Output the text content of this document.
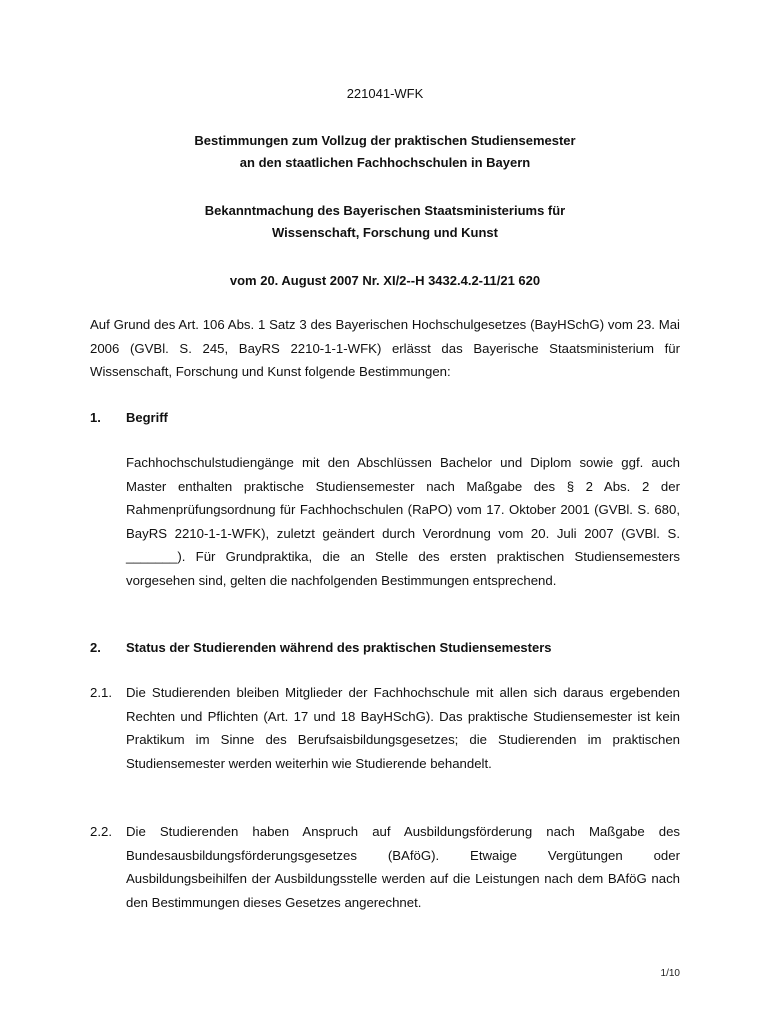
221041-WFK
Bestimmungen zum Vollzug der praktischen Studiensemester
an den staatlichen Fachhochschulen in Bayern
Bekanntmachung des Bayerischen Staatsministeriums für
Wissenschaft, Forschung und Kunst
vom 20. August 2007 Nr. XI/2--H 3432.4.2-11/21 620
Auf Grund des Art. 106 Abs. 1 Satz 3 des Bayerischen Hochschulgesetzes (BayHSchG) vom 23. Mai 2006 (GVBl. S. 245, BayRS 2210-1-1-WFK) erlässt das Bayerische Staatsministerium für Wissenschaft, Forschung und Kunst folgende Bestimmungen:
1.	Begriff
Fachhochschulstudiengänge mit den Abschlüssen Bachelor und Diplom sowie ggf. auch Master enthalten praktische Studiensemester nach Maßgabe des § 2 Abs. 2 der Rahmenprüfungsordnung für Fachhochschulen (RaPO) vom 17. Oktober 2001 (GVBl. S. 680, BayRS 2210-1-1-WFK), zuletzt geändert durch Verordnung vom 20. Juli 2007 (GVBl. S. _______). Für Grundpraktika, die an Stelle des ersten praktischen Studiensemesters vorgesehen sind, gelten die nachfolgenden Bestimmungen entsprechend.
2.	Status der Studierenden während des praktischen Studiensemesters
2.1.	Die Studierenden bleiben Mitglieder der Fachhochschule mit allen sich daraus ergebenden Rechten und Pflichten (Art. 17 und 18 BayHSchG). Das praktische Studiensemester ist kein Praktikum im Sinne des Berufsaisbildungsgesetzes; die Studierenden im praktischen Studiensemester werden weiterhin wie Studierende behandelt.
2.2.	Die Studierenden haben Anspruch auf Ausbildungsförderung nach Maßgabe des Bundesausbildungsförderungsgesetzes (BAföG). Etwaige Vergütungen oder Ausbildungsbeihilfen der Ausbildungsstelle werden auf die Leistungen nach dem BAföG nach den Bestimmungen dieses Gesetzes angerechnet.
1/10
